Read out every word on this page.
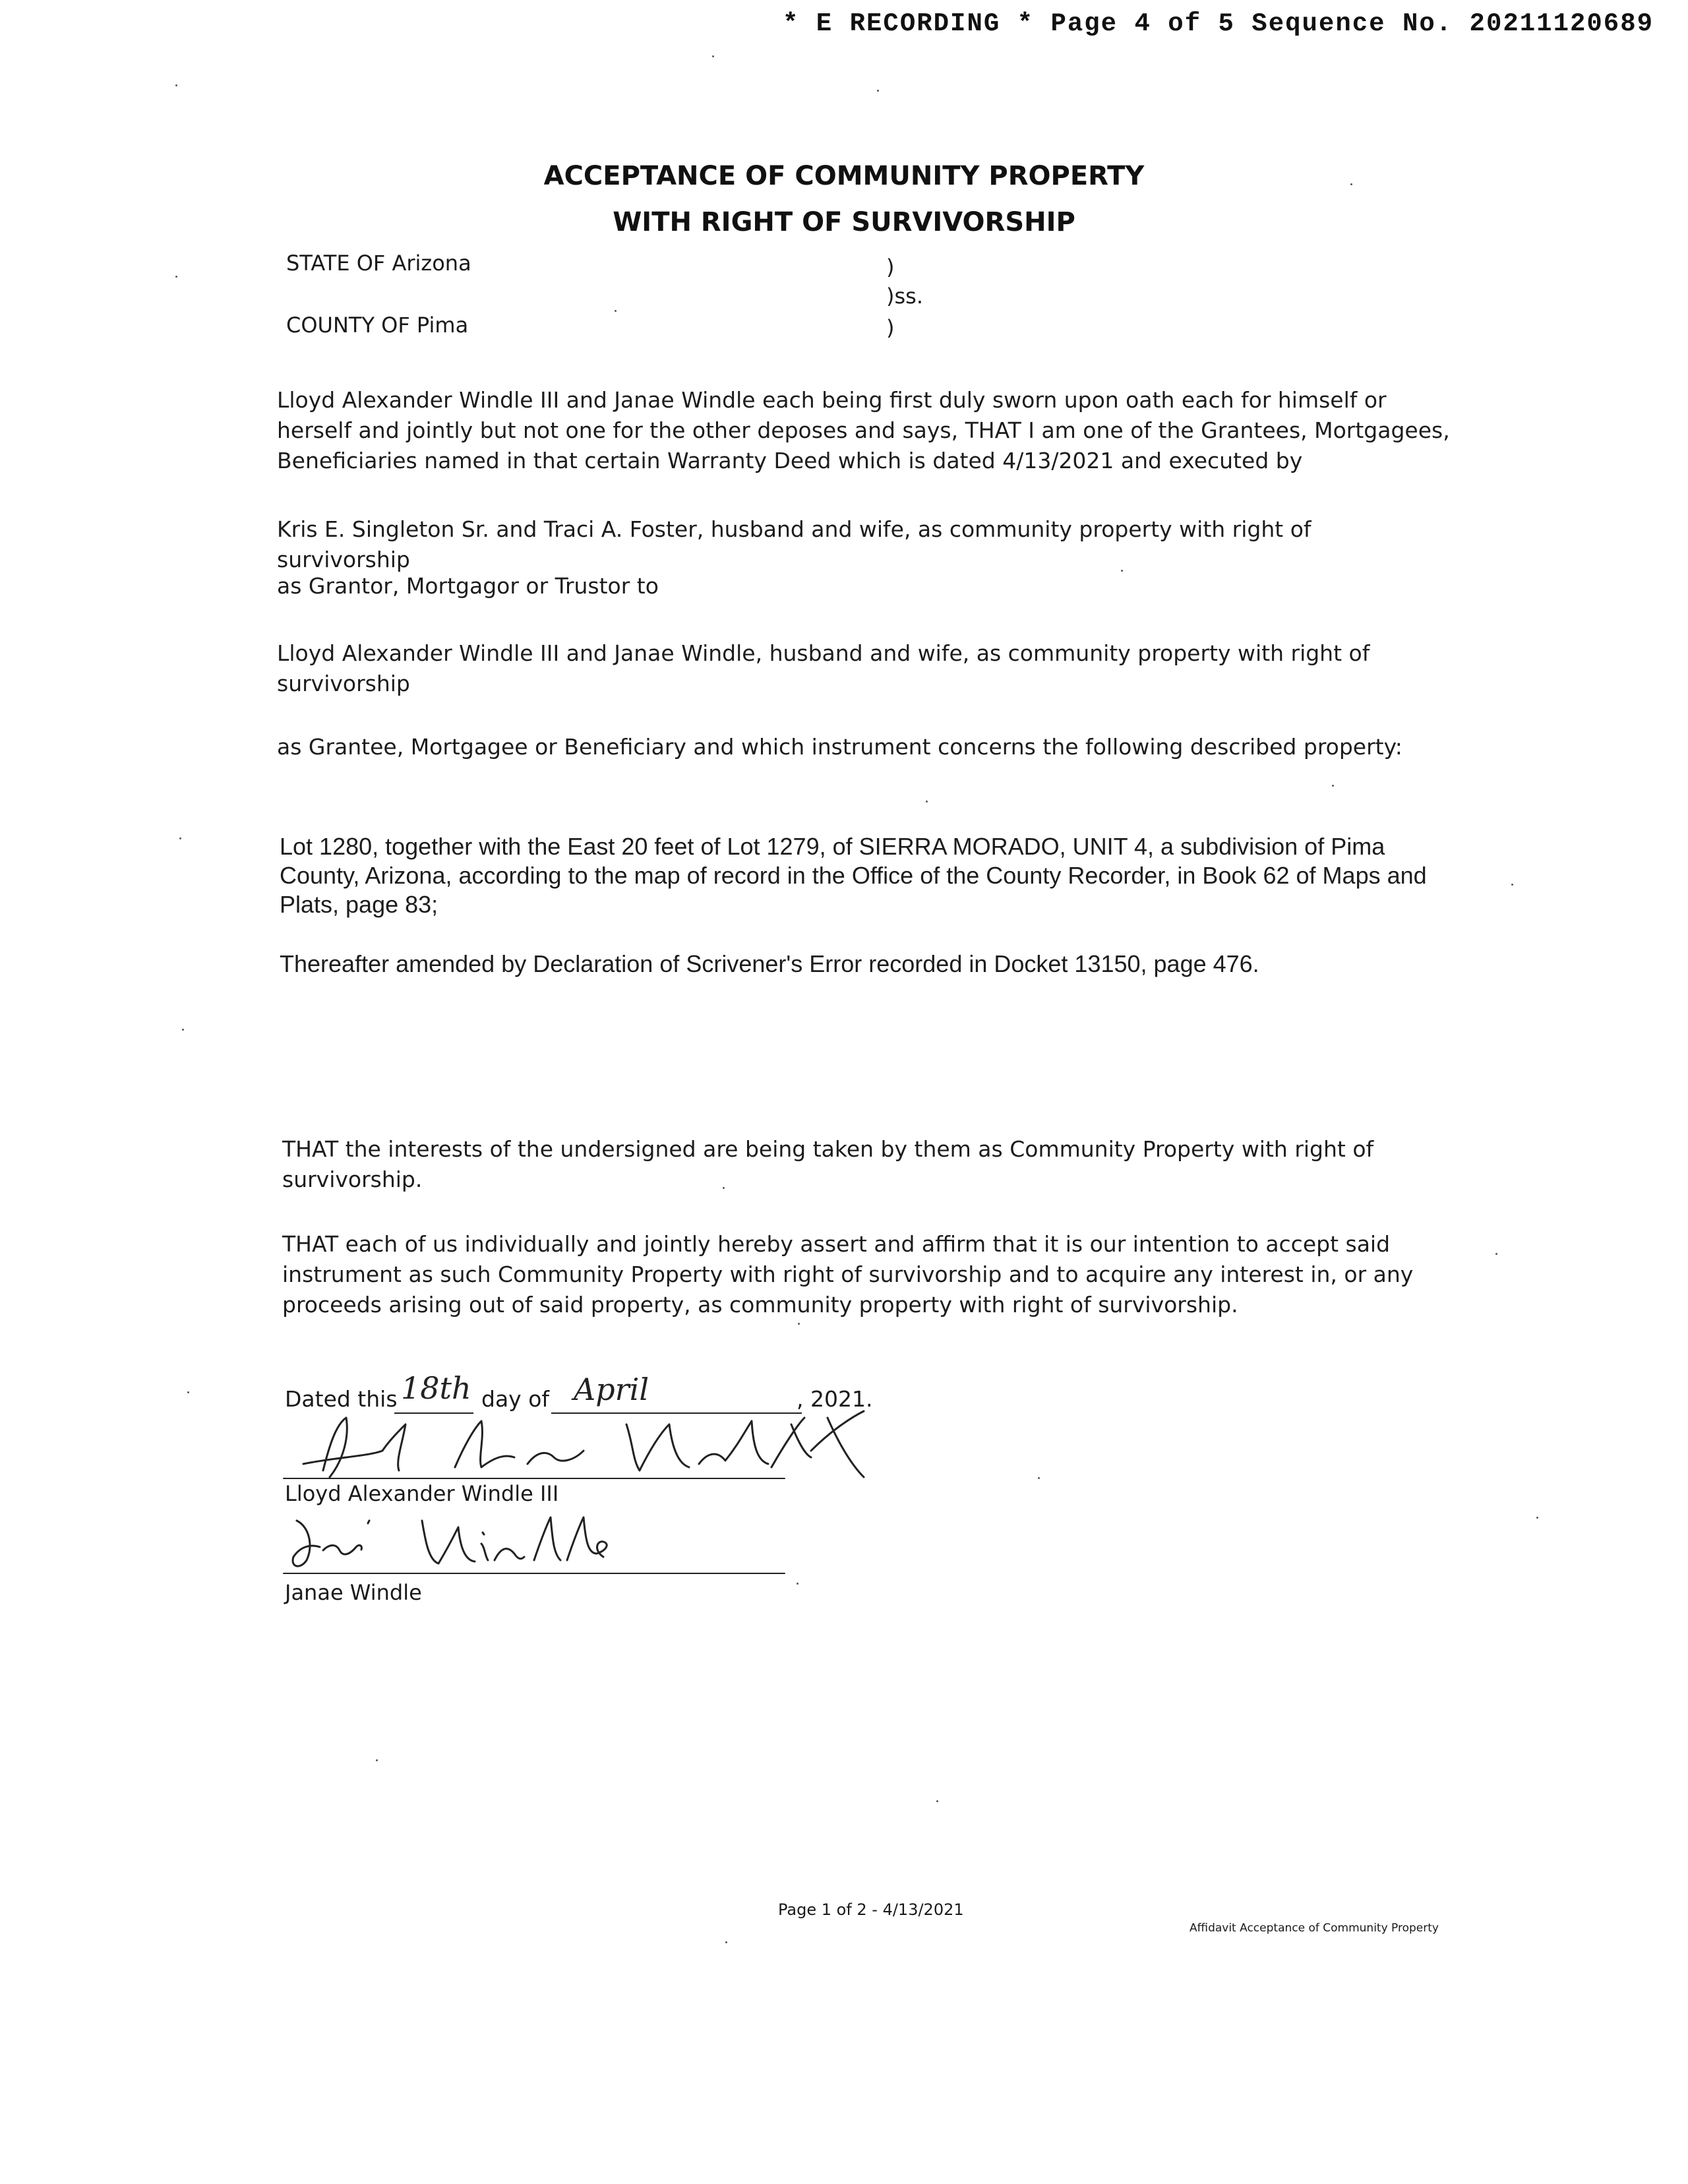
* E RECORDING * Page 4 of 5 Sequence No. 20211120689
ACCEPTANCE OF COMMUNITY PROPERTY
WITH RIGHT OF SURVIVORSHIP
STATE OF Arizona
COUNTY OF Pima
)
)ss.
)
Lloyd Alexander Windle III and Janae Windle each being first duly sworn upon oath each for himself or herself and jointly but not one for the other deposes and says, THAT I am one of the Grantees, Mortgagees, Beneficiaries named in that certain Warranty Deed which is dated 4/13/2021 and executed by
Kris E. Singleton Sr. and Traci A. Foster, husband and wife, as community property with right of survivorship
as Grantor, Mortgagor or Trustor to
Lloyd Alexander Windle III and Janae Windle, husband and wife, as community property with right of survivorship
as Grantee, Mortgagee or Beneficiary and which instrument concerns the following described property:
Lot 1280, together with the East 20 feet of Lot 1279, of SIERRA MORADO, UNIT 4, a subdivision of Pima County, Arizona, according to the map of record in the Office of the County Recorder, in Book 62 of Maps and Plats, page 83;
Thereafter amended by Declaration of Scrivener's Error recorded in Docket 13150, page 476.
THAT the interests of the undersigned are being taken by them as Community Property with right of survivorship.
THAT each of us individually and jointly hereby assert and affirm that it is our intention to accept said instrument as such Community Property with right of survivorship and to acquire any interest in, or any proceeds arising out of said property, as community property with right of survivorship.
Dated this 18th day of April	, 2021.
Lloyd Alexander Windle III
Janae Windle
Page 1 of 2 - 4/13/2021
Affidavit Acceptance of Community Property
